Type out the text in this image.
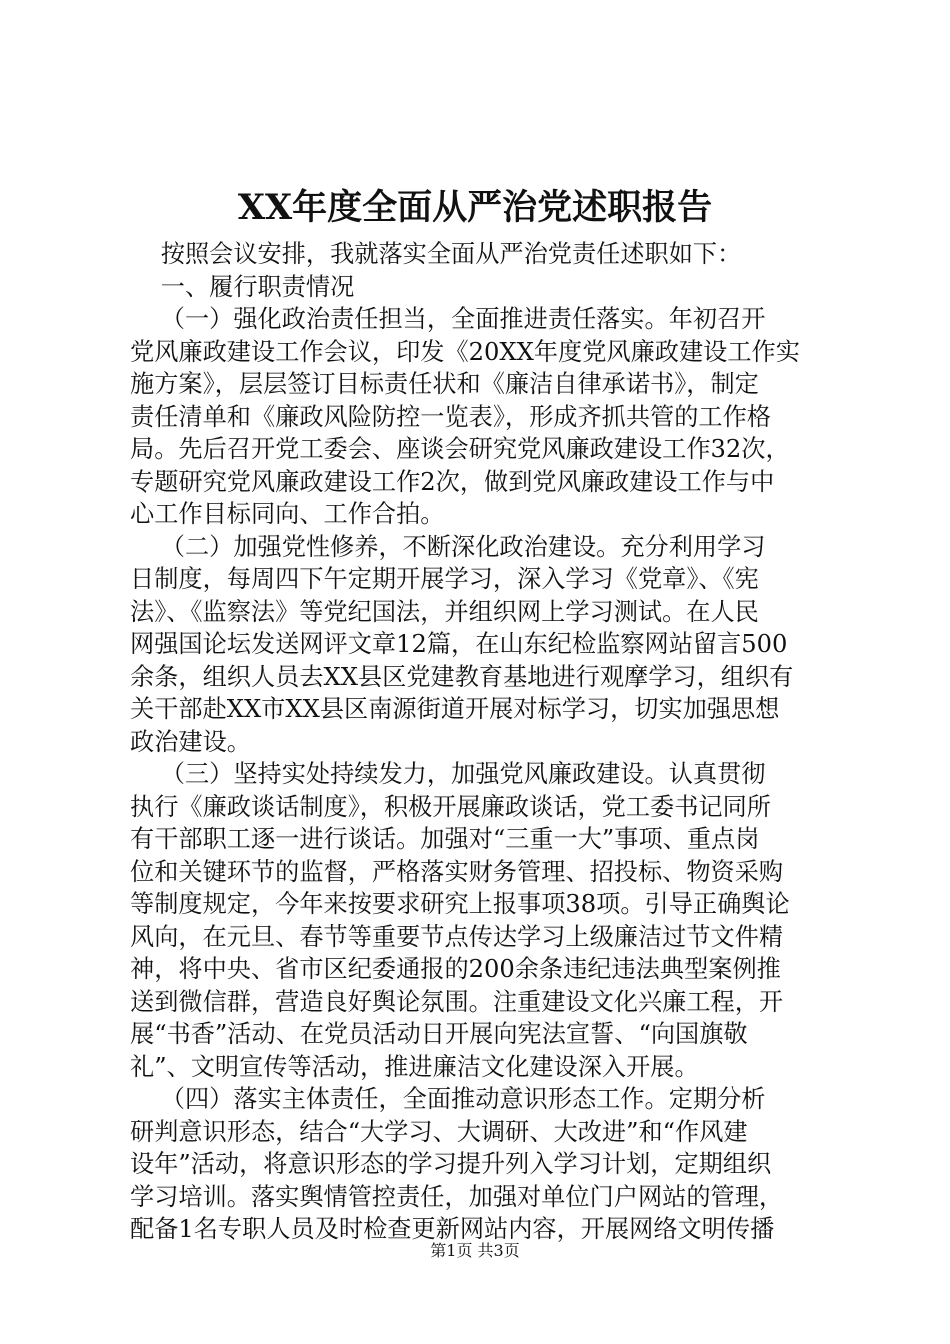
XX年度全面从严治党述职报告
按照会议安排，我就落实全面从严治党责任述职如下：
一、履行职责情况
（一）强化政治责任担当，全面推进责任落实。年初召开
党风廉政建设工作会议，印发《20XX年度党风廉政建设工作实
施方案》，层层签订目标责任状和《廉洁自律承诺书》，制定
责任清单和《廉政风险防控一览表》，形成齐抓共管的工作格
局。先后召开党工委会、座谈会研究党风廉政建设工作32次，
专题研究党风廉政建设工作2次，做到党风廉政建设工作与中
心工作目标同向、工作合拍。
（二）加强党性修养，不断深化政治建设。充分利用学习
日制度，每周四下午定期开展学习，深入学习《党章》、《宪
法》、《监察法》等党纪国法，并组织网上学习测试。在人民
网强国论坛发送网评文章12篇，在山东纪检监察网站留言500
余条，组织人员去XX县区党建教育基地进行观摩学习，组织有
关干部赴XX市XX县区南源街道开展对标学习，切实加强思想
政治建设。
（三）坚持实处持续发力，加强党风廉政建设。认真贯彻
执行《廉政谈话制度》，积极开展廉政谈话，党工委书记同所
有干部职工逐一进行谈话。加强对“三重一大”事项、重点岗
位和关键环节的监督，严格落实财务管理、招投标、物资采购
等制度规定，今年来按要求研究上报事项38项。引导正确舆论
风向，在元旦、春节等重要节点传达学习上级廉洁过节文件精
神，将中央、省市区纪委通报的200余条违纪违法典型案例推
送到微信群，营造良好舆论氛围。注重建设文化兴廉工程，开
展“书香”活动、在党员活动日开展向宪法宣誓、“向国旗敬
礼”、文明宣传等活动，推进廉洁文化建设深入开展。
（四）落实主体责任，全面推动意识形态工作。定期分析
研判意识形态，结合“大学习、大调研、大改进”和“作风建
设年”活动，将意识形态的学习提升列入学习计划，定期组织
学习培训。落实舆情管控责任，加强对单位门户网站的管理，
配备1名专职人员及时检查更新网站内容，开展网络文明传播
第1页 共3页
